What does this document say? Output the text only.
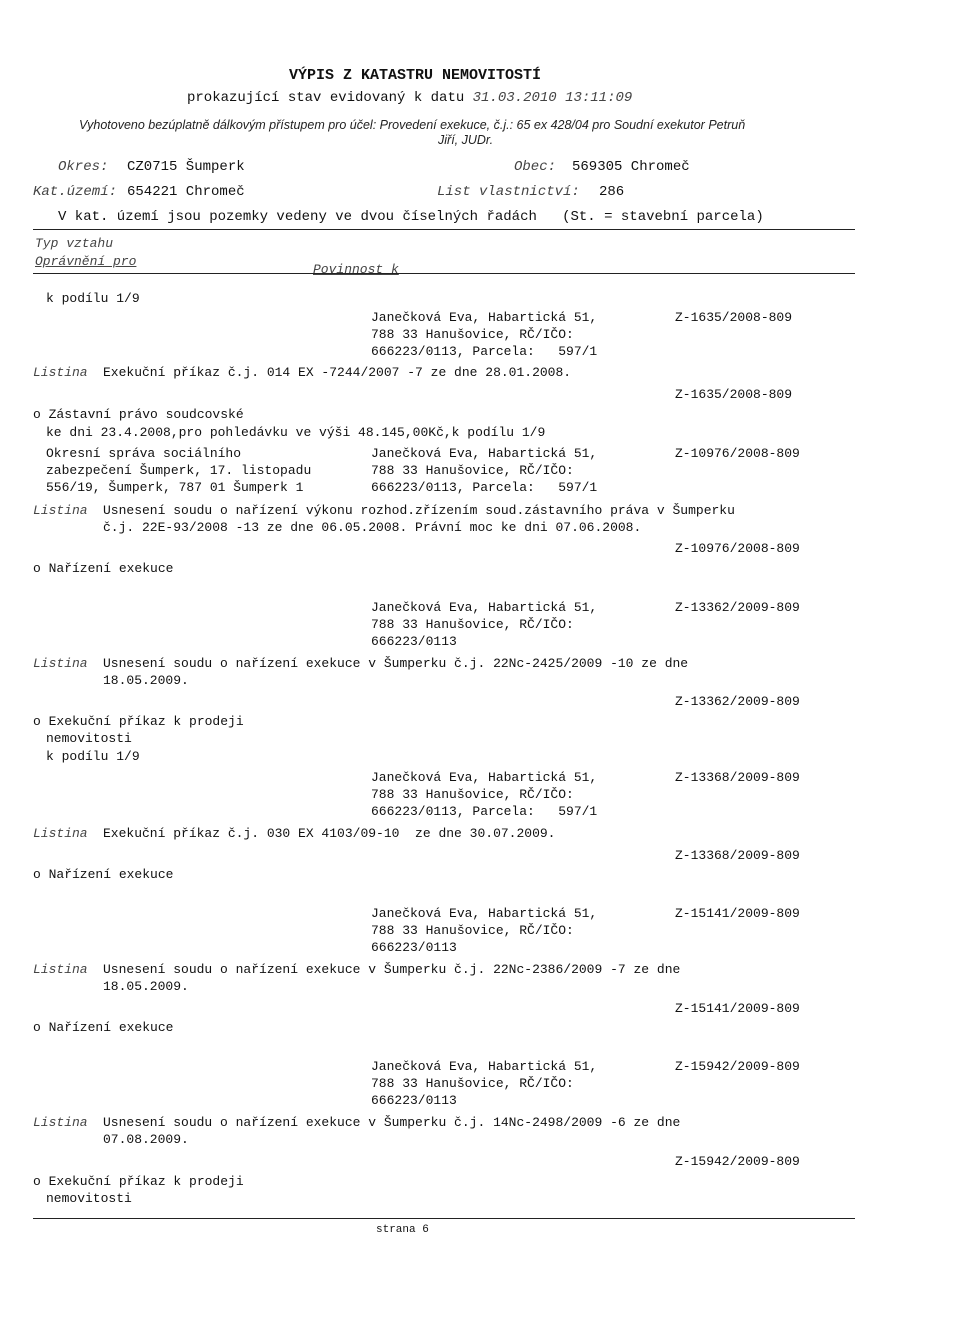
VÝPIS Z KATASTRU NEMOVITOSTÍ
prokazující stav evidovaný k datu 31.03.2010 13:11:09
Vyhotoveno bezúplatně dálkovým přístupem pro účel: Provedení exekuce, č.j.: 65 ex 428/04 pro Soudní exekutor Petruň
Jiří, JUDr.
Okres: CZ0715 Šumperk	Obec: 569305 Chromeč
Kat.území: 654221 Chromeč	List vlastnictví: 286
V kat. území jsou pozemky vedeny ve dvou číselných řadách   (St. = stavební parcela)
Typ vztahu
Oprávnění pro
Povinnost k
k podílu 1/9
Janečková Eva, Habartická 51,	Z-1635/2008-809
788 33 Hanušovice, RČ/IČO:
666223/0113, Parcela:   597/1
Listina Exekuční příkaz č.j. 014 EX -7244/2007 -7 ze dne 28.01.2008.
Z-1635/2008-809
o Zástavní právo soudcovské
ke dni 23.4.2008,pro pohledávku ve výši 48.145,00Kč,k podílu 1/9
Okresní správa sociálního	Janečková Eva, Habartická 51,	Z-10976/2008-809
zabezpečení Šumperk, 17. listopadu	788 33 Hanušovice, RČ/IČO:
556/19, Šumperk, 787 01 Šumperk 1	666223/0113, Parcela:   597/1
Listina Usnesení soudu o nařízení výkonu rozhod.zřízením soud.zástavního práva v Šumperku
č.j. 22E-93/2008 -13 ze dne 06.05.2008. Právní moc ke dni 07.06.2008.
Z-10976/2008-809
o Nařízení exekuce
Janečková Eva, Habartická 51,	Z-13362/2009-809
788 33 Hanušovice, RČ/IČO:
666223/0113
Listina Usnesení soudu o nařízení exekuce v Šumperku č.j. 22Nc-2425/2009 -10 ze dne
18.05.2009.
Z-13362/2009-809
o Exekuční příkaz k prodeji
nemovitosti
k podílu 1/9
Janečková Eva, Habartická 51,	Z-13368/2009-809
788 33 Hanušovice, RČ/IČO:
666223/0113, Parcela:   597/1
Listina Exekuční příkaz č.j. 030 EX 4103/09-10  ze dne 30.07.2009.
Z-13368/2009-809
o Nařízení exekuce
Janečková Eva, Habartická 51,	Z-15141/2009-809
788 33 Hanušovice, RČ/IČO:
666223/0113
Listina Usnesení soudu o nařízení exekuce v Šumperku č.j. 22Nc-2386/2009 -7 ze dne
18.05.2009.
Z-15141/2009-809
o Nařízení exekuce
Janečková Eva, Habartická 51,	Z-15942/2009-809
788 33 Hanušovice, RČ/IČO:
666223/0113
Listina Usnesení soudu o nařízení exekuce v Šumperku č.j. 14Nc-2498/2009 -6 ze dne
07.08.2009.
Z-15942/2009-809
o Exekuční příkaz k prodeji
nemovitosti
strana 6
